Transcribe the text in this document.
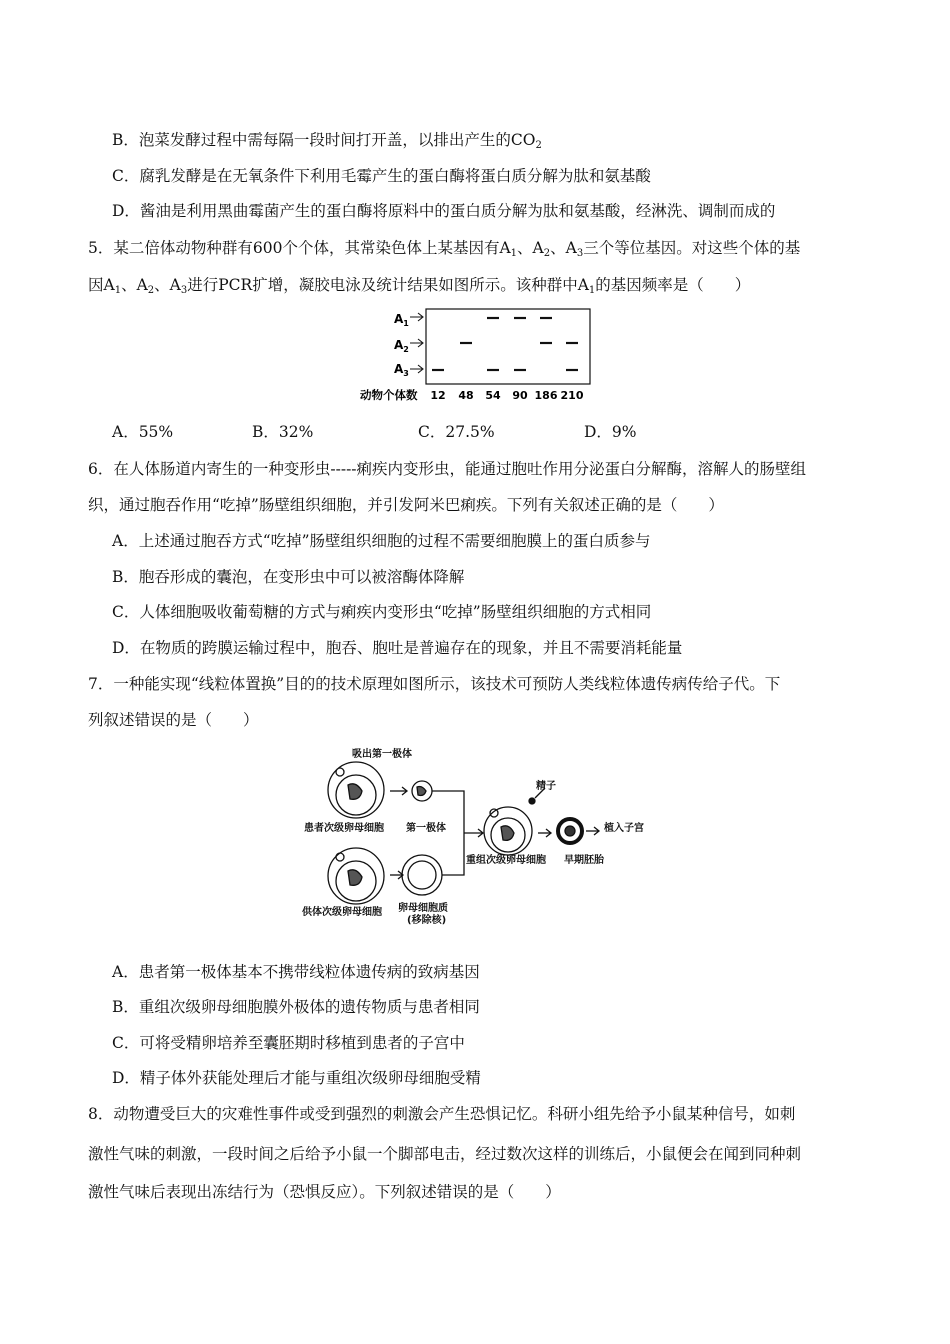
B．泡菜发酵过程中需每隔一段时间打开盖，以排出产生的$CO_2$
C．腐乳发酵是在无氧条件下利用毛霉产生的蛋白酶将蛋白质分解为肽和氨基酸
D．酱油是利用黑曲霉菌产生的蛋白酶将原料中的蛋白质分解为肽和氨基酸，经淋洗、调制而成的
5．某二倍体动物种群有600个个体，其常染色体上某基因有$A_1$、$A_2$、$A_3$三个等位基因。对这些个体的基
因$A_1$、$A_2$、$A_3$进行PCR扩增，凝胶电泳及统计结果如图所示。该种群中$A_1$的基因频率是（　　）
$A_1$
$A_2$
$A_3$
动物个体数 12 48 54 90 186 210
A．55%	B．32%	C．27.5%	D．9%
6．在人体肠道内寄生的一种变形虫-----痢疾内变形虫，能通过胞吐作用分泌蛋白分解酶，溶解人的肠壁组
织，通过胞吞作用“吃掉”肠壁组织细胞，并引发阿米巴痢疾。下列有关叙述正确的是（　　）
A．上述通过胞吞方式“吃掉”肠壁组织细胞的过程不需要细胞膜上的蛋白质参与
B．胞吞形成的囊泡，在变形虫中可以被溶酶体降解
C．人体细胞吸收葡萄糖的方式与痢疾内变形虫“吃掉”肠壁组织细胞的方式相同
D．在物质的跨膜运输过程中，胞吞、胞吐是普遍存在的现象，并且不需要消耗能量
7．一种能实现“线粒体置换”目的的技术原理如图所示，该技术可预防人类线粒体遗传病传给子代。下
列叙述错误的是（　　）
吸出第一极体
患者次级卵母细胞 第一极体
供体次级卵母细胞 卵母细胞质
(移除核)
精子
重组次级卵母细胞 早期胚胎
植入子宫
A．患者第一极体基本不携带线粒体遗传病的致病基因
B．重组次级卵母细胞膜外极体的遗传物质与患者相同
C．可将受精卵培养至囊胚期时移植到患者的子宫中
D．精子体外获能处理后才能与重组次级卵母细胞受精
8．动物遭受巨大的灾难性事件或受到强烈的刺激会产生恐惧记忆。科研小组先给予小鼠某种信号，如刺
激性气味的刺激，一段时间之后给予小鼠一个脚部电击，经过数次这样的训练后，小鼠便会在闻到同种刺
激性气味后表现出冻结行为（恐惧反应）。下列叙述错误的是（　　）
